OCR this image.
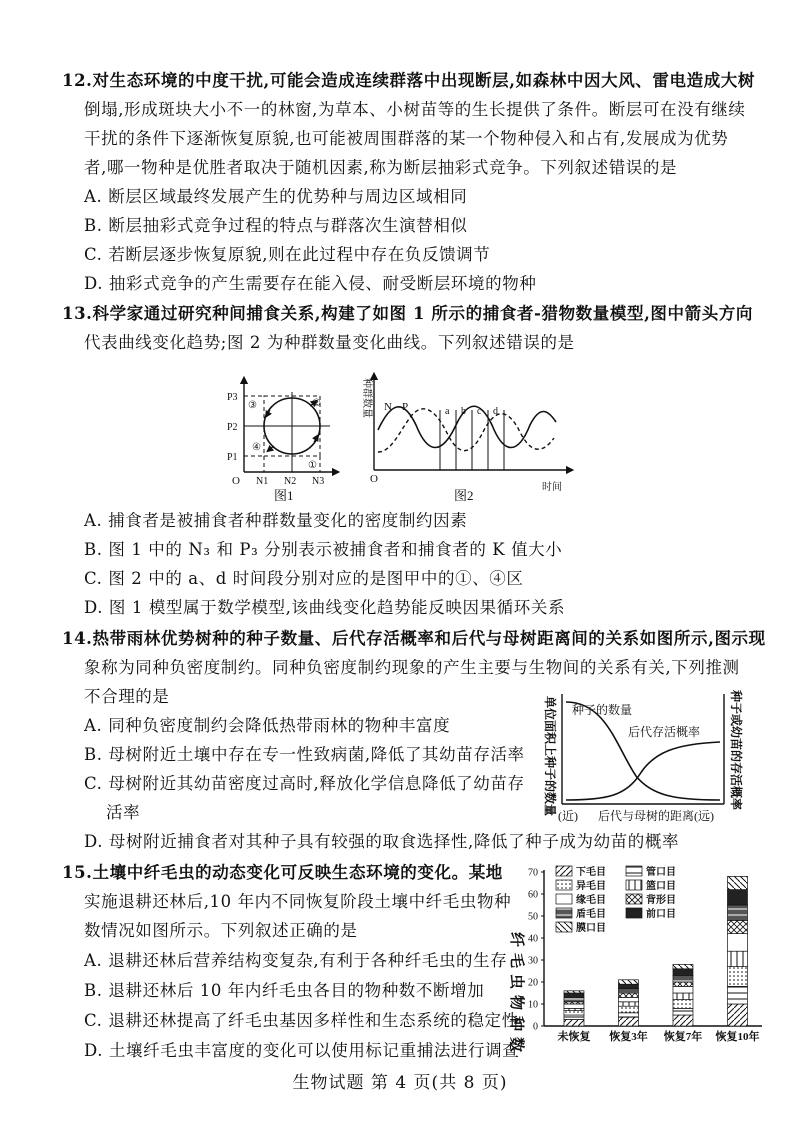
12.对生态环境的中度干扰,可能会造成连续群落中出现断层,如森林中因大风、雷电造成大树
倒塌,形成斑块大小不一的林窗,为草本、小树苗等的生长提供了条件。断层可在没有继续
干扰的条件下逐渐恢复原貌,也可能被周围群落的某一个物种侵入和占有,发展成为优势
者,哪一物种是优胜者取决于随机因素,称为断层抽彩式竞争。下列叙述错误的是
A. 断层区域最终发展产生的优势种与周边区域相同
B. 断层抽彩式竞争过程的特点与群落次生演替相似
C. 若断层逐步恢复原貌,则在此过程中存在负反馈调节
D. 抽彩式竞争的产生需要存在能入侵、耐受断层环境的物种
13.科学家通过研究种间捕食关系,构建了如图 1 所示的捕食者-猎物数量模型,图中箭头方向
代表曲线变化趋势;图 2 为种群数量变化曲线。下列叙述错误的是
P3
P2
P1
O N1 N2 N3
①
②
③
④
图1
种群数量
O
时间
N P	a b c d
图2
A. 捕食者是被捕食者种群数量变化的密度制约因素
B. 图 1 中的 N₃ 和 P₃ 分别表示被捕食者和捕食者的 K 值大小
C. 图 2 中的 a、d 时间段分别对应的是图甲中的①、④区
D. 图 1 模型属于数学模型,该曲线变化趋势能反映因果循环关系
14.热带雨林优势树种的种子数量、后代存活概率和后代与母树距离间的关系如图所示,图示现
象称为同种负密度制约。同种负密度制约现象的产生主要与生物间的关系有关,下列推测
不合理的是
A. 同种负密度制约会降低热带雨林的物种丰富度
B. 母树附近土壤中存在专一性致病菌,降低了其幼苗存活率
C. 母树附近其幼苗密度过高时,释放化学信息降低了幼苗存
活率
D. 母树附近捕食者对其种子具有较强的取食选择性,降低了种子成为幼苗的概率
种子的数量
后代存活概率
(近) 后代与母树的距离 (远)
单位面积上种子的数量	种子或幼苗的存活概率
15.土壤中纤毛虫的动态变化可反映生态环境的变化。某地
实施退耕还林后,10 年内不同恢复阶段土壤中纤毛虫物种
数情况如图所示。下列叙述正确的是
A. 退耕还林后营养结构变复杂,有利于各种纤毛虫的生存
B. 退耕还林后 10 年内纤毛虫各目的物种数不断增加
C. 退耕还林提高了纤毛虫基因多样性和生态系统的稳定性
D. 土壤纤毛虫丰富度的变化可以使用标记重捕法进行调查
0
10
20
30
40
50
60
70
未恢复 恢复3年 恢复7年 恢复10年
下毛目	管口目
异毛目	篮口目
缘毛目	背形目
盾毛目	前口目
膜口目
纤毛虫物种数
生物试题 第 4 页(共 8 页)
